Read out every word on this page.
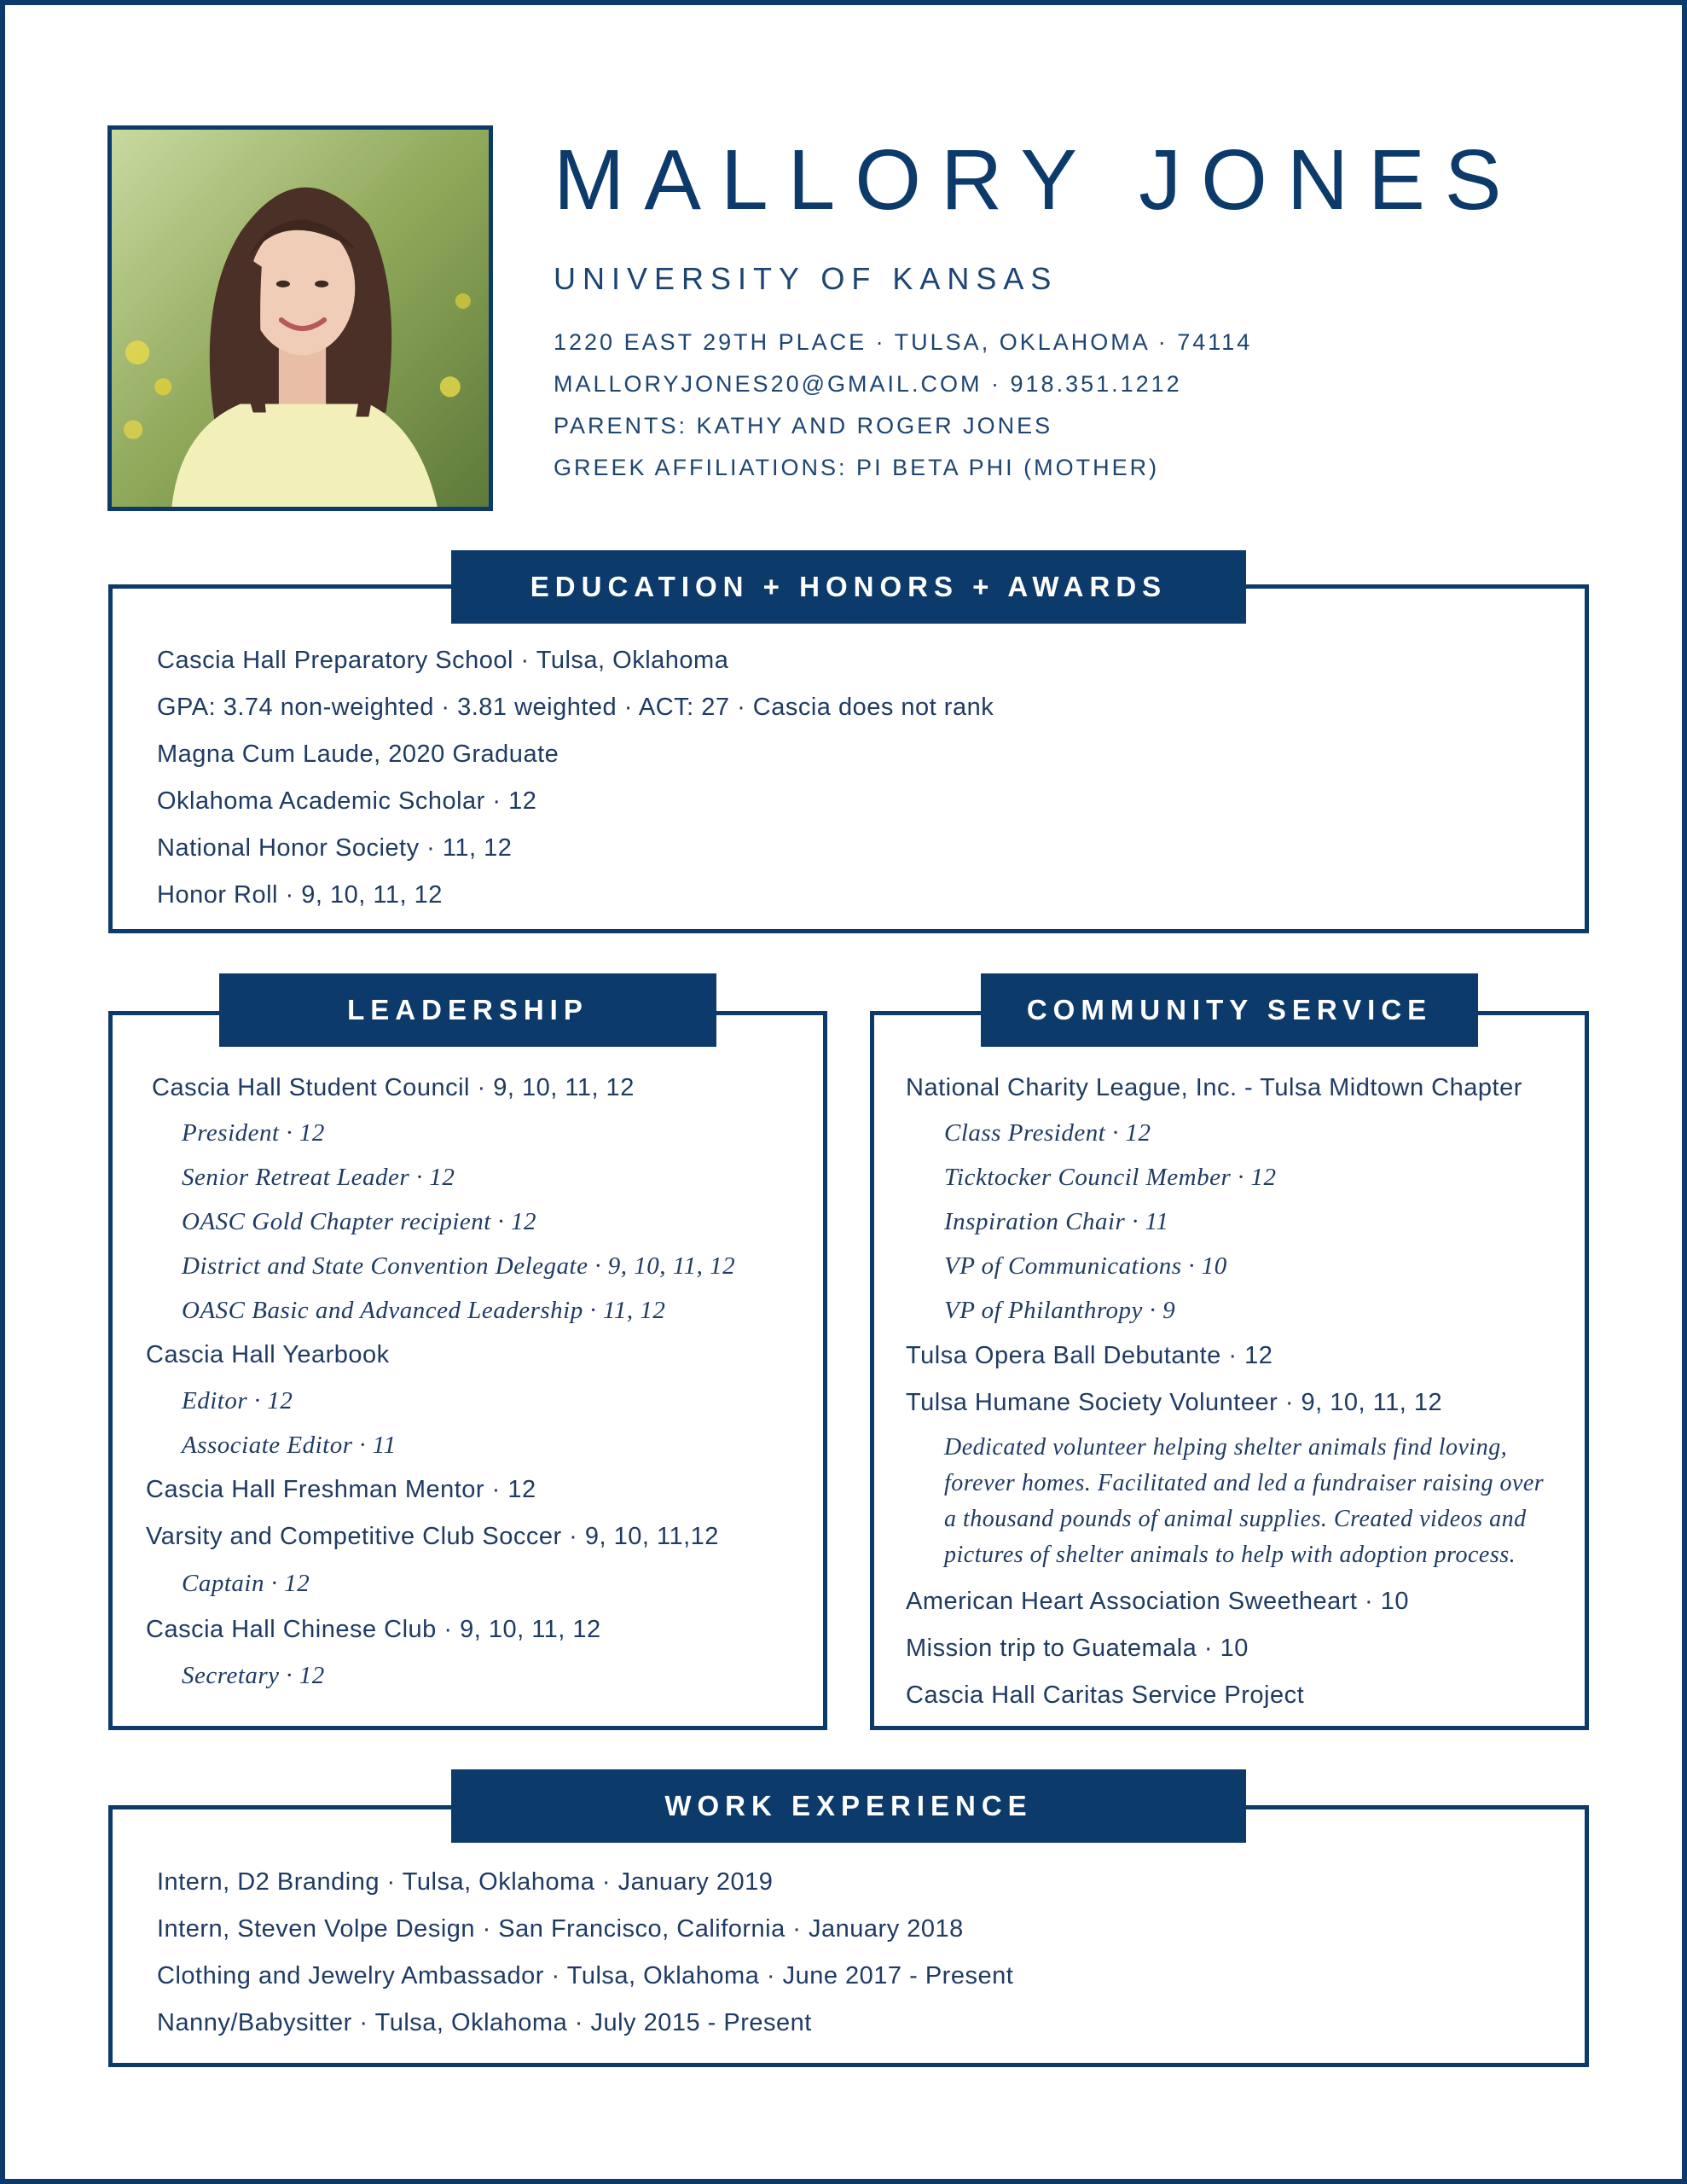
MALLORY JONES
UNIVERSITY OF KANSAS
1220 EAST 29TH PLACE · TULSA, OKLAHOMA · 74114
MALLORYJONES20@GMAIL.COM · 918.351.1212
PARENTS: KATHY AND ROGER JONES
GREEK AFFILIATIONS: PI BETA PHI (MOTHER)
EDUCATION + HONORS + AWARDS
Cascia Hall Preparatory School · Tulsa, Oklahoma
GPA: 3.74 non-weighted · 3.81 weighted · ACT: 27 · Cascia does not rank
Magna Cum Laude, 2020 Graduate
Oklahoma Academic Scholar · 12
National Honor Society · 11, 12
Honor Roll · 9, 10, 11, 12
LEADERSHIP
Cascia Hall Student Council · 9, 10, 11, 12
President · 12
Senior Retreat Leader · 12
OASC Gold Chapter recipient · 12
District and State Convention Delegate · 9, 10, 11, 12
OASC Basic and Advanced Leadership · 11, 12
Cascia Hall Yearbook
Editor · 12
Associate Editor · 11
Cascia Hall Freshman Mentor · 12
Varsity and Competitive Club Soccer · 9, 10, 11,12
Captain · 12
Cascia Hall Chinese Club · 9, 10, 11, 12
Secretary · 12
COMMUNITY SERVICE
National Charity League, Inc. - Tulsa Midtown Chapter
Class President · 12
Ticktocker Council Member · 12
Inspiration Chair · 11
VP of Communications · 10
VP of Philanthropy · 9
Tulsa Opera Ball Debutante · 12
Tulsa Humane Society Volunteer · 9, 10, 11, 12
Dedicated volunteer helping shelter animals find loving,
forever homes. Facilitated and led a fundraiser raising over
a thousand pounds of animal supplies. Created videos and
pictures of shelter animals to help with adoption process.
American Heart Association Sweetheart · 10
Mission trip to Guatemala · 10
Cascia Hall Caritas Service Project
WORK EXPERIENCE
Intern, D2 Branding · Tulsa, Oklahoma · January 2019
Intern, Steven Volpe Design · San Francisco, California · January 2018
Clothing and Jewelry Ambassador · Tulsa, Oklahoma · June 2017 - Present
Nanny/Babysitter · Tulsa, Oklahoma · July 2015 - Present
